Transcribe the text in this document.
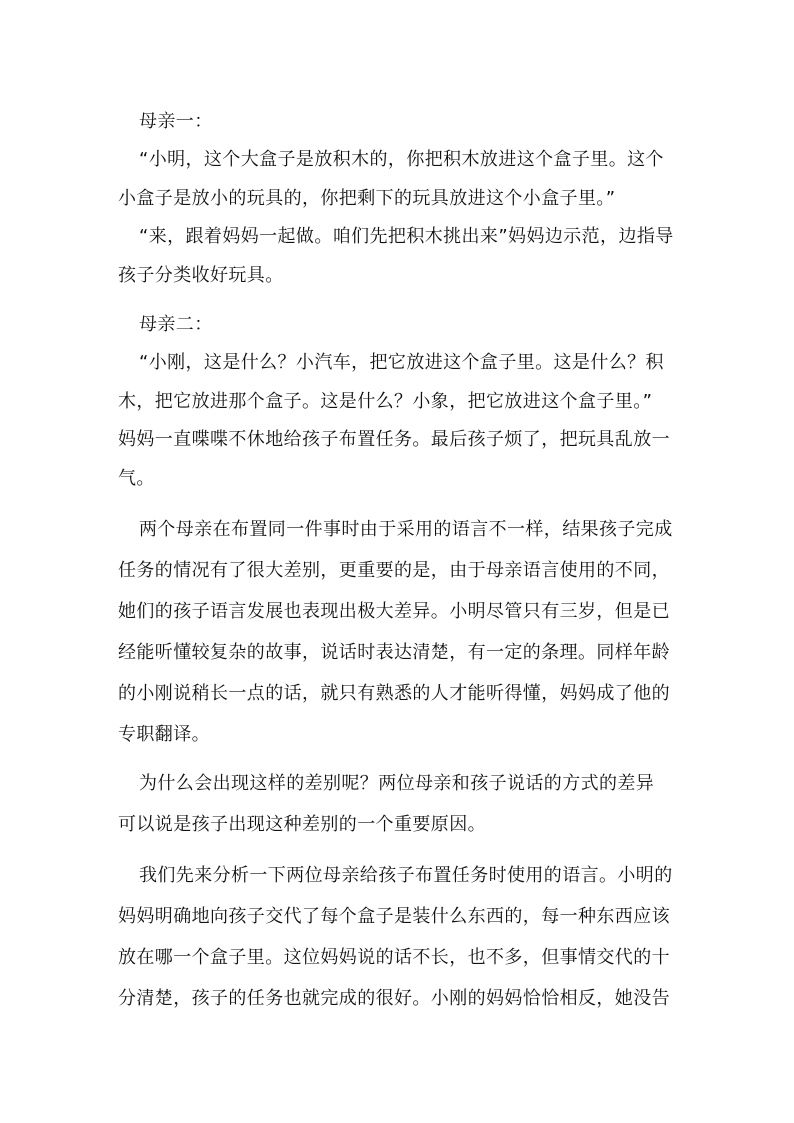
母亲一：
“小明，这个大盒子是放积木的，你把积木放进这个盒子里。这个
小盒子是放小的玩具的，你把剩下的玩具放进这个小盒子里。”
“来，跟着妈妈一起做。咱们先把积木挑出来”妈妈边示范，边指导
孩子分类收好玩具。
母亲二：
“小刚，这是什么？小汽车，把它放进这个盒子里。这是什么？积
木，把它放进那个盒子。这是什么？小象，把它放进这个盒子里。”
妈妈一直喋喋不休地给孩子布置任务。最后孩子烦了，把玩具乱放一
气。
两个母亲在布置同一件事时由于采用的语言不一样，结果孩子完成
任务的情况有了很大差别，更重要的是，由于母亲语言使用的不同，
她们的孩子语言发展也表现出极大差异。小明尽管只有三岁，但是已
经能听懂较复杂的故事，说话时表达清楚，有一定的条理。同样年龄
的小刚说稍长一点的话，就只有熟悉的人才能听得懂，妈妈成了他的
专职翻译。
为什么会出现这样的差别呢？两位母亲和孩子说话的方式的差异
可以说是孩子出现这种差别的一个重要原因。
我们先来分析一下两位母亲给孩子布置任务时使用的语言。小明的
妈妈明确地向孩子交代了每个盒子是装什么东西的，每一种东西应该
放在哪一个盒子里。这位妈妈说的话不长，也不多，但事情交代的十
分清楚，孩子的任务也就完成的很好。小刚的妈妈恰恰相反，她没告
